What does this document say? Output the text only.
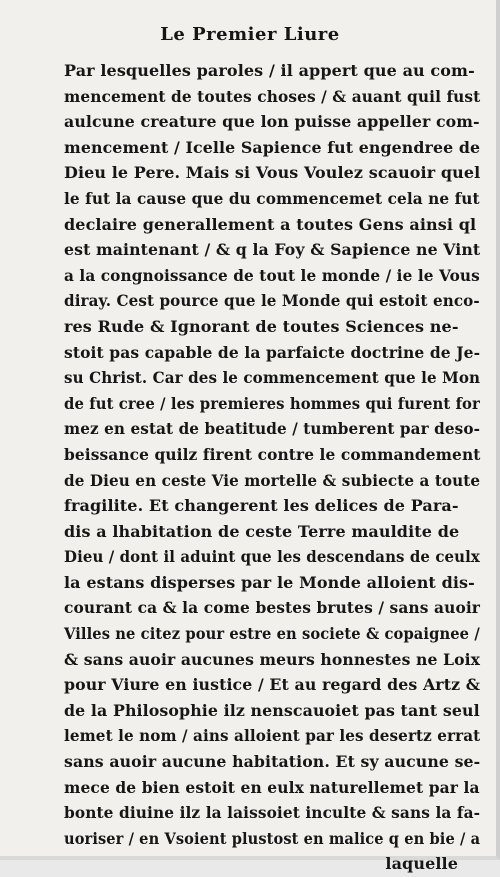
Le Premier Liure
Par lesquelles paroles / il appert que au com-
mencement de toutes choses / & auant quil fust
aulcune creature que lon puisse appeller com-
mencement / Icelle Sapience fut engendree de
Dieu le Pere. Mais si Vous Voulez scauoir quel
le fut la cause que du commencemet cela ne fut
declaire generallement a toutes Gens ainsi ql
est maintenant / & q la Foy & Sapience ne Vint
a la congnoissance de tout le monde / ie le Vous
diray. Cest pource que le Monde qui estoit enco-
res Rude & Ignorant de toutes Sciences ne-
stoit pas capable de la parfaicte doctrine de Je-
su Christ. Car des le commencement que le Mon
de fut cree / les premieres hommes qui furent for
mez en estat de beatitude / tumberent par deso-
beissance quilz firent contre le commandement
de Dieu en ceste Vie mortelle & subiecte a toute
fragilite. Et changerent les delices de Para-
dis a lhabitation de ceste Terre mauldite de
Dieu / dont il aduint que les descendans de ceulx
la estans disperses par le Monde alloient dis-
courant ca & la come bestes brutes / sans auoir
Villes ne citez pour estre en societe & copaignee /
& sans auoir aucunes meurs honnestes ne Loix
pour Viure en iustice / Et au regard des Artz &
de la Philosophie ilz nenscauoiet pas tant seul
lemet le nom / ains alloient par les desertz errat
sans auoir aucune habitation. Et sy aucune se-
mece de bien estoit en eulx naturellemet par la
bonte diuine ilz la laissoiet inculte & sans la fa-
uoriser / en Vsoient plustost en malice q en bie / a
laquelle
